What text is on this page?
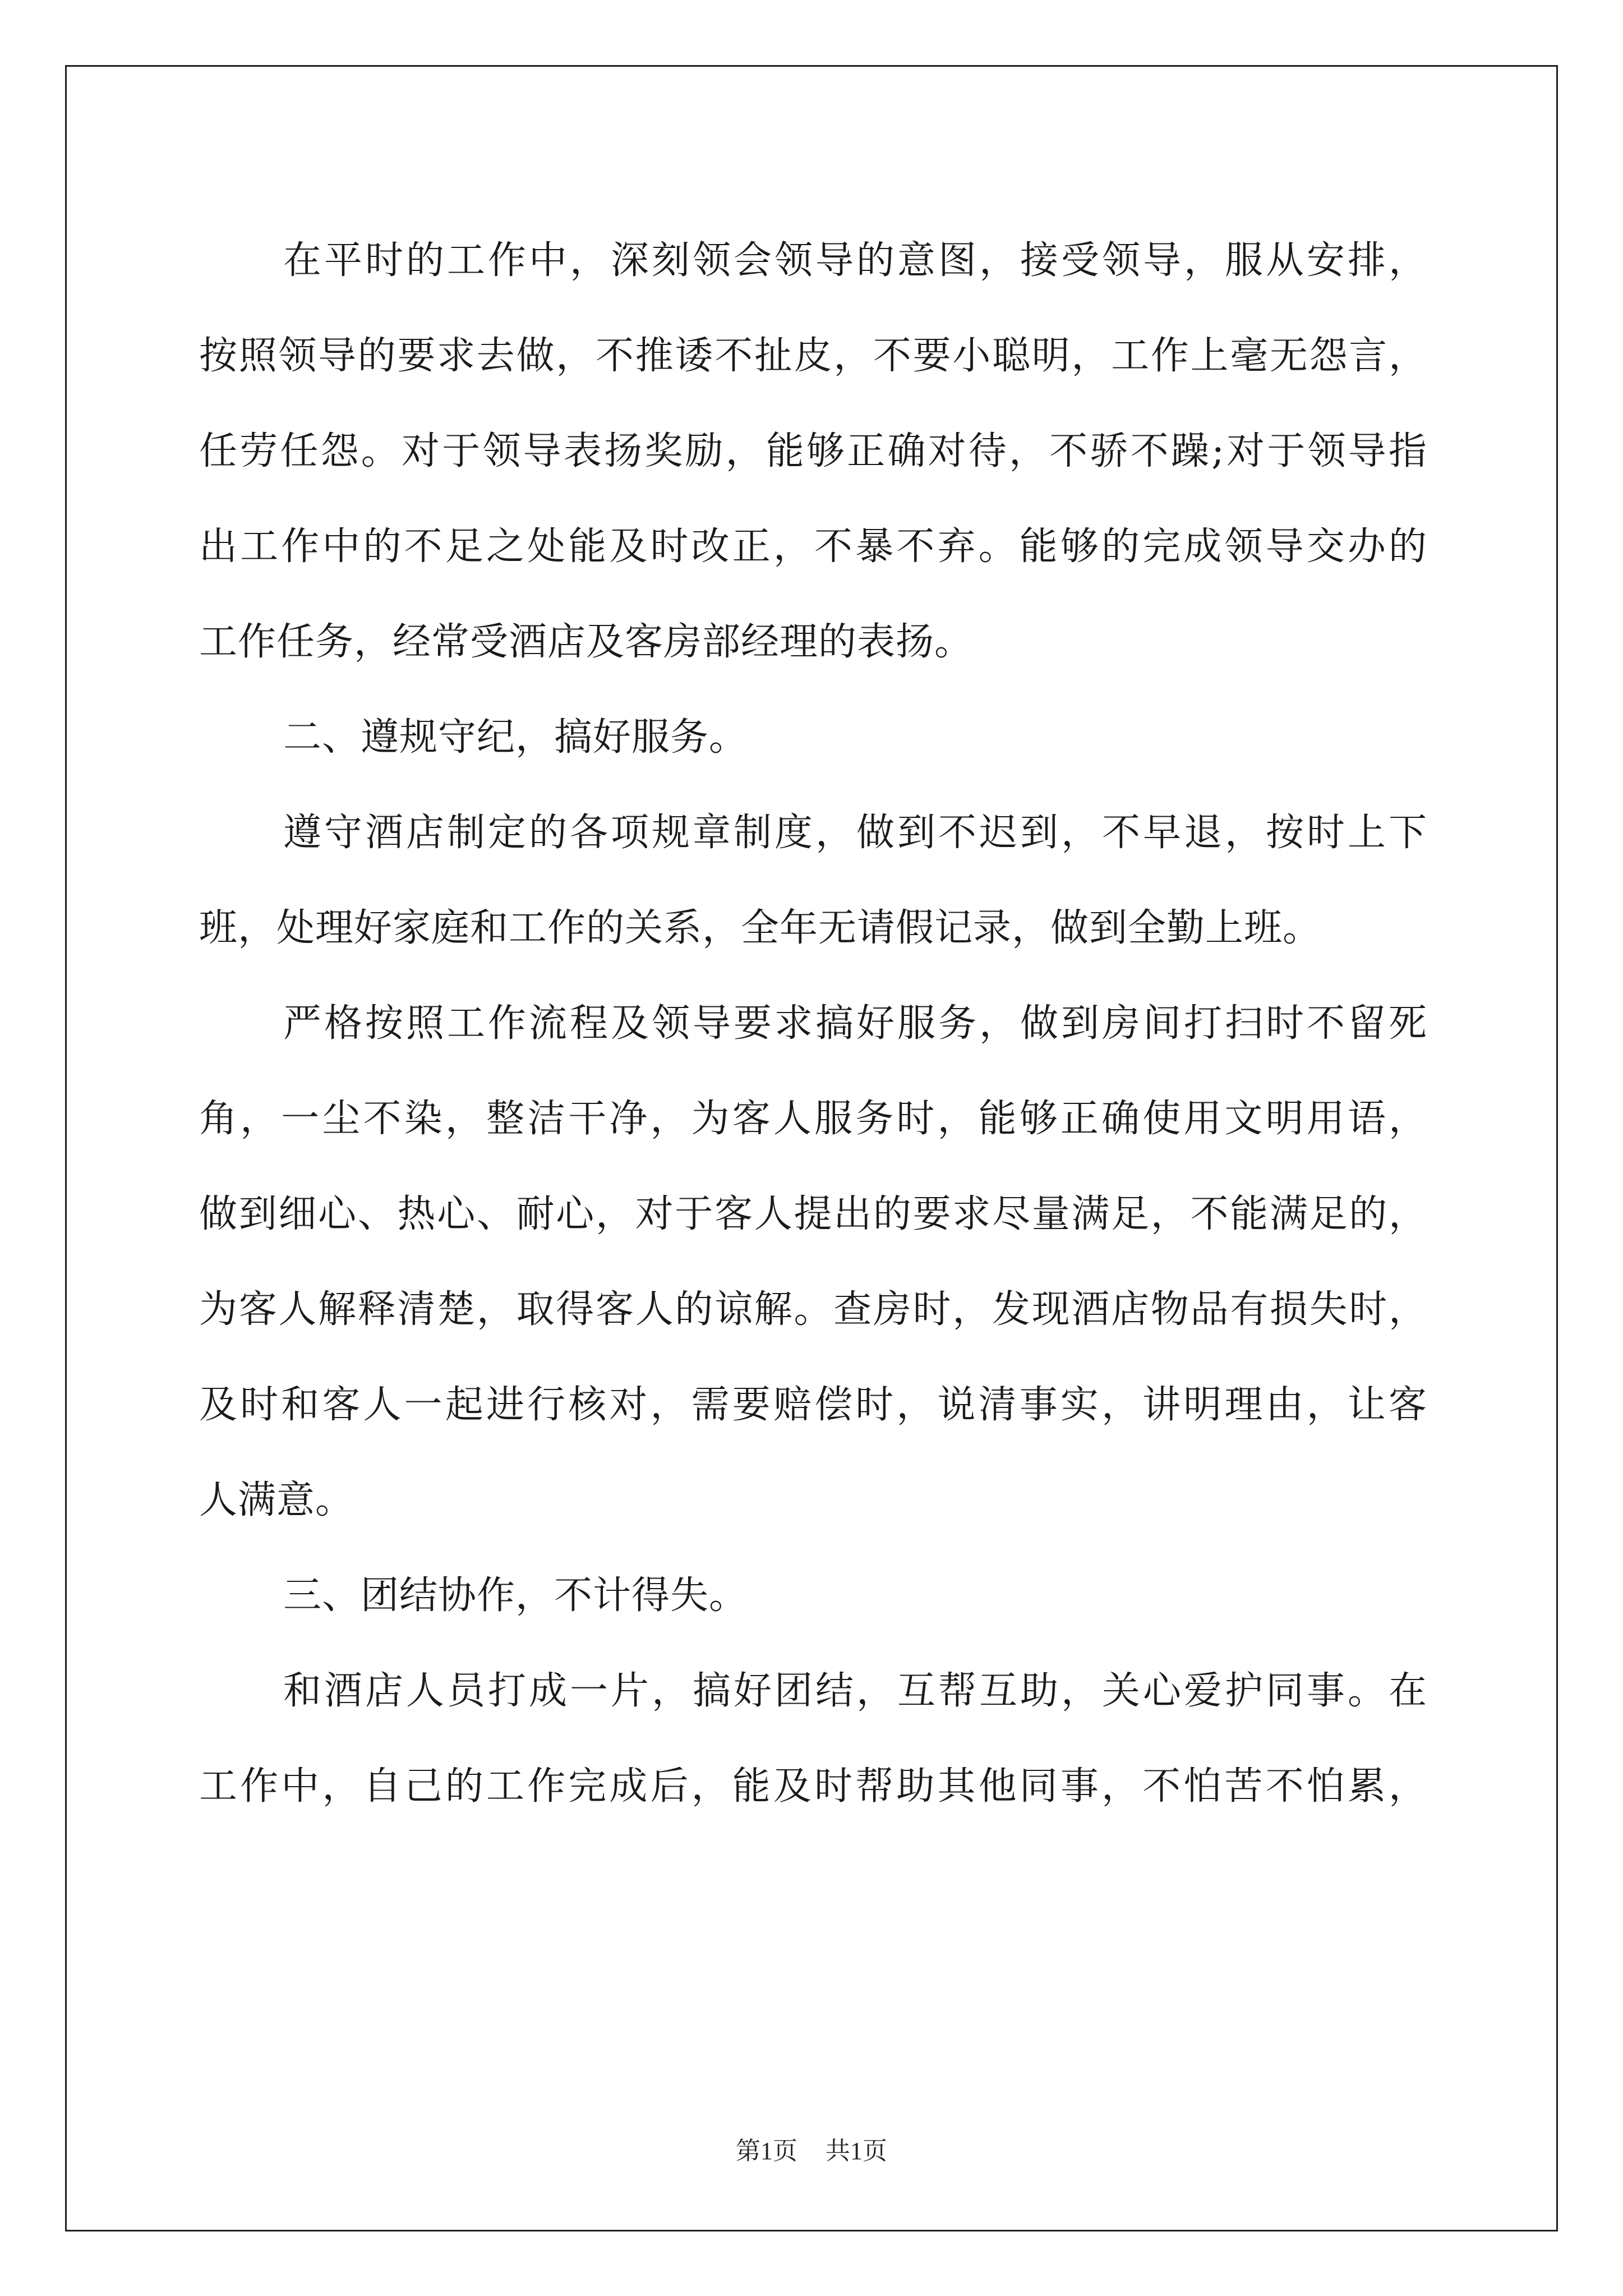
在平时的工作中，深刻领会领导的意图，接受领导，服从安排，
按照领导的要求去做，不推诿不扯皮，不要小聪明，工作上毫无怨言，
任劳任怨。对于领导表扬奖励，能够正确对待，不骄不躁;对于领导指
出工作中的不足之处能及时改正，不暴不弃。能够的完成领导交办的
工作任务，经常受酒店及客房部经理的表扬。
二、遵规守纪，搞好服务。
遵守酒店制定的各项规章制度，做到不迟到，不早退，按时上下
班，处理好家庭和工作的关系，全年无请假记录，做到全勤上班。
严格按照工作流程及领导要求搞好服务，做到房间打扫时不留死
角，一尘不染，整洁干净，为客人服务时，能够正确使用文明用语，
做到细心、热心、耐心，对于客人提出的要求尽量满足，不能满足的，
为客人解释清楚，取得客人的谅解。查房时，发现酒店物品有损失时，
及时和客人一起进行核对，需要赔偿时，说清事实，讲明理由，让客
人满意。
三、团结协作，不计得失。
和酒店人员打成一片，搞好团结，互帮互助，关心爱护同事。在
工作中，自己的工作完成后，能及时帮助其他同事，不怕苦不怕累，
第1页 共1页
